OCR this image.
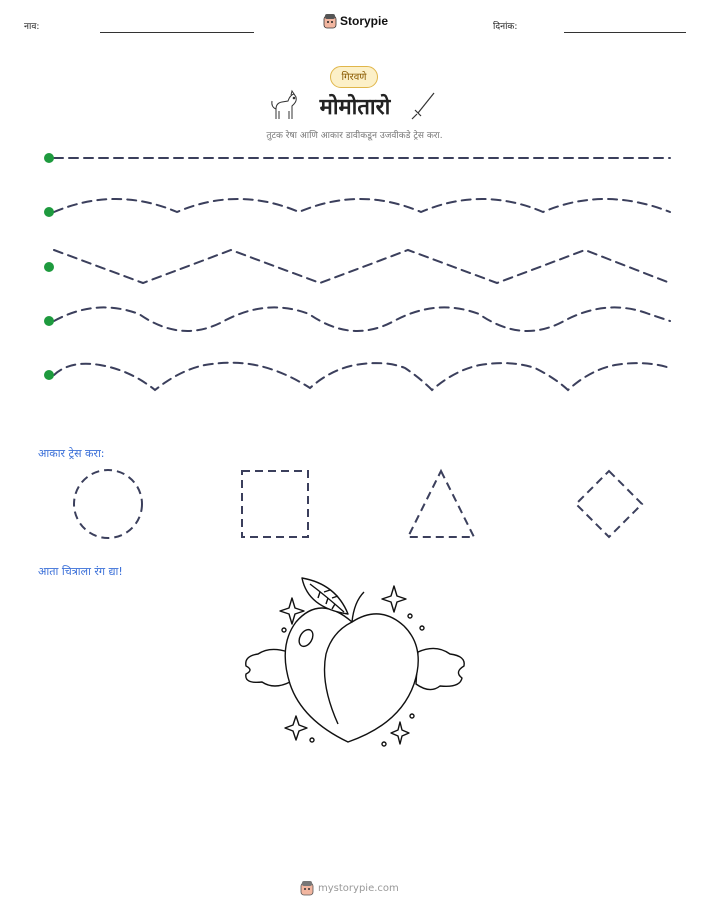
नाव:	Storypie	दिनांक:
गिरवणे
मोमोतारो
तुटक रेषा आणि आकार डावीकडून उजवीकडे ट्रेस करा.
आकार ट्रेस करा:
आता चित्राला रंग द्या!
mystorypie.com
